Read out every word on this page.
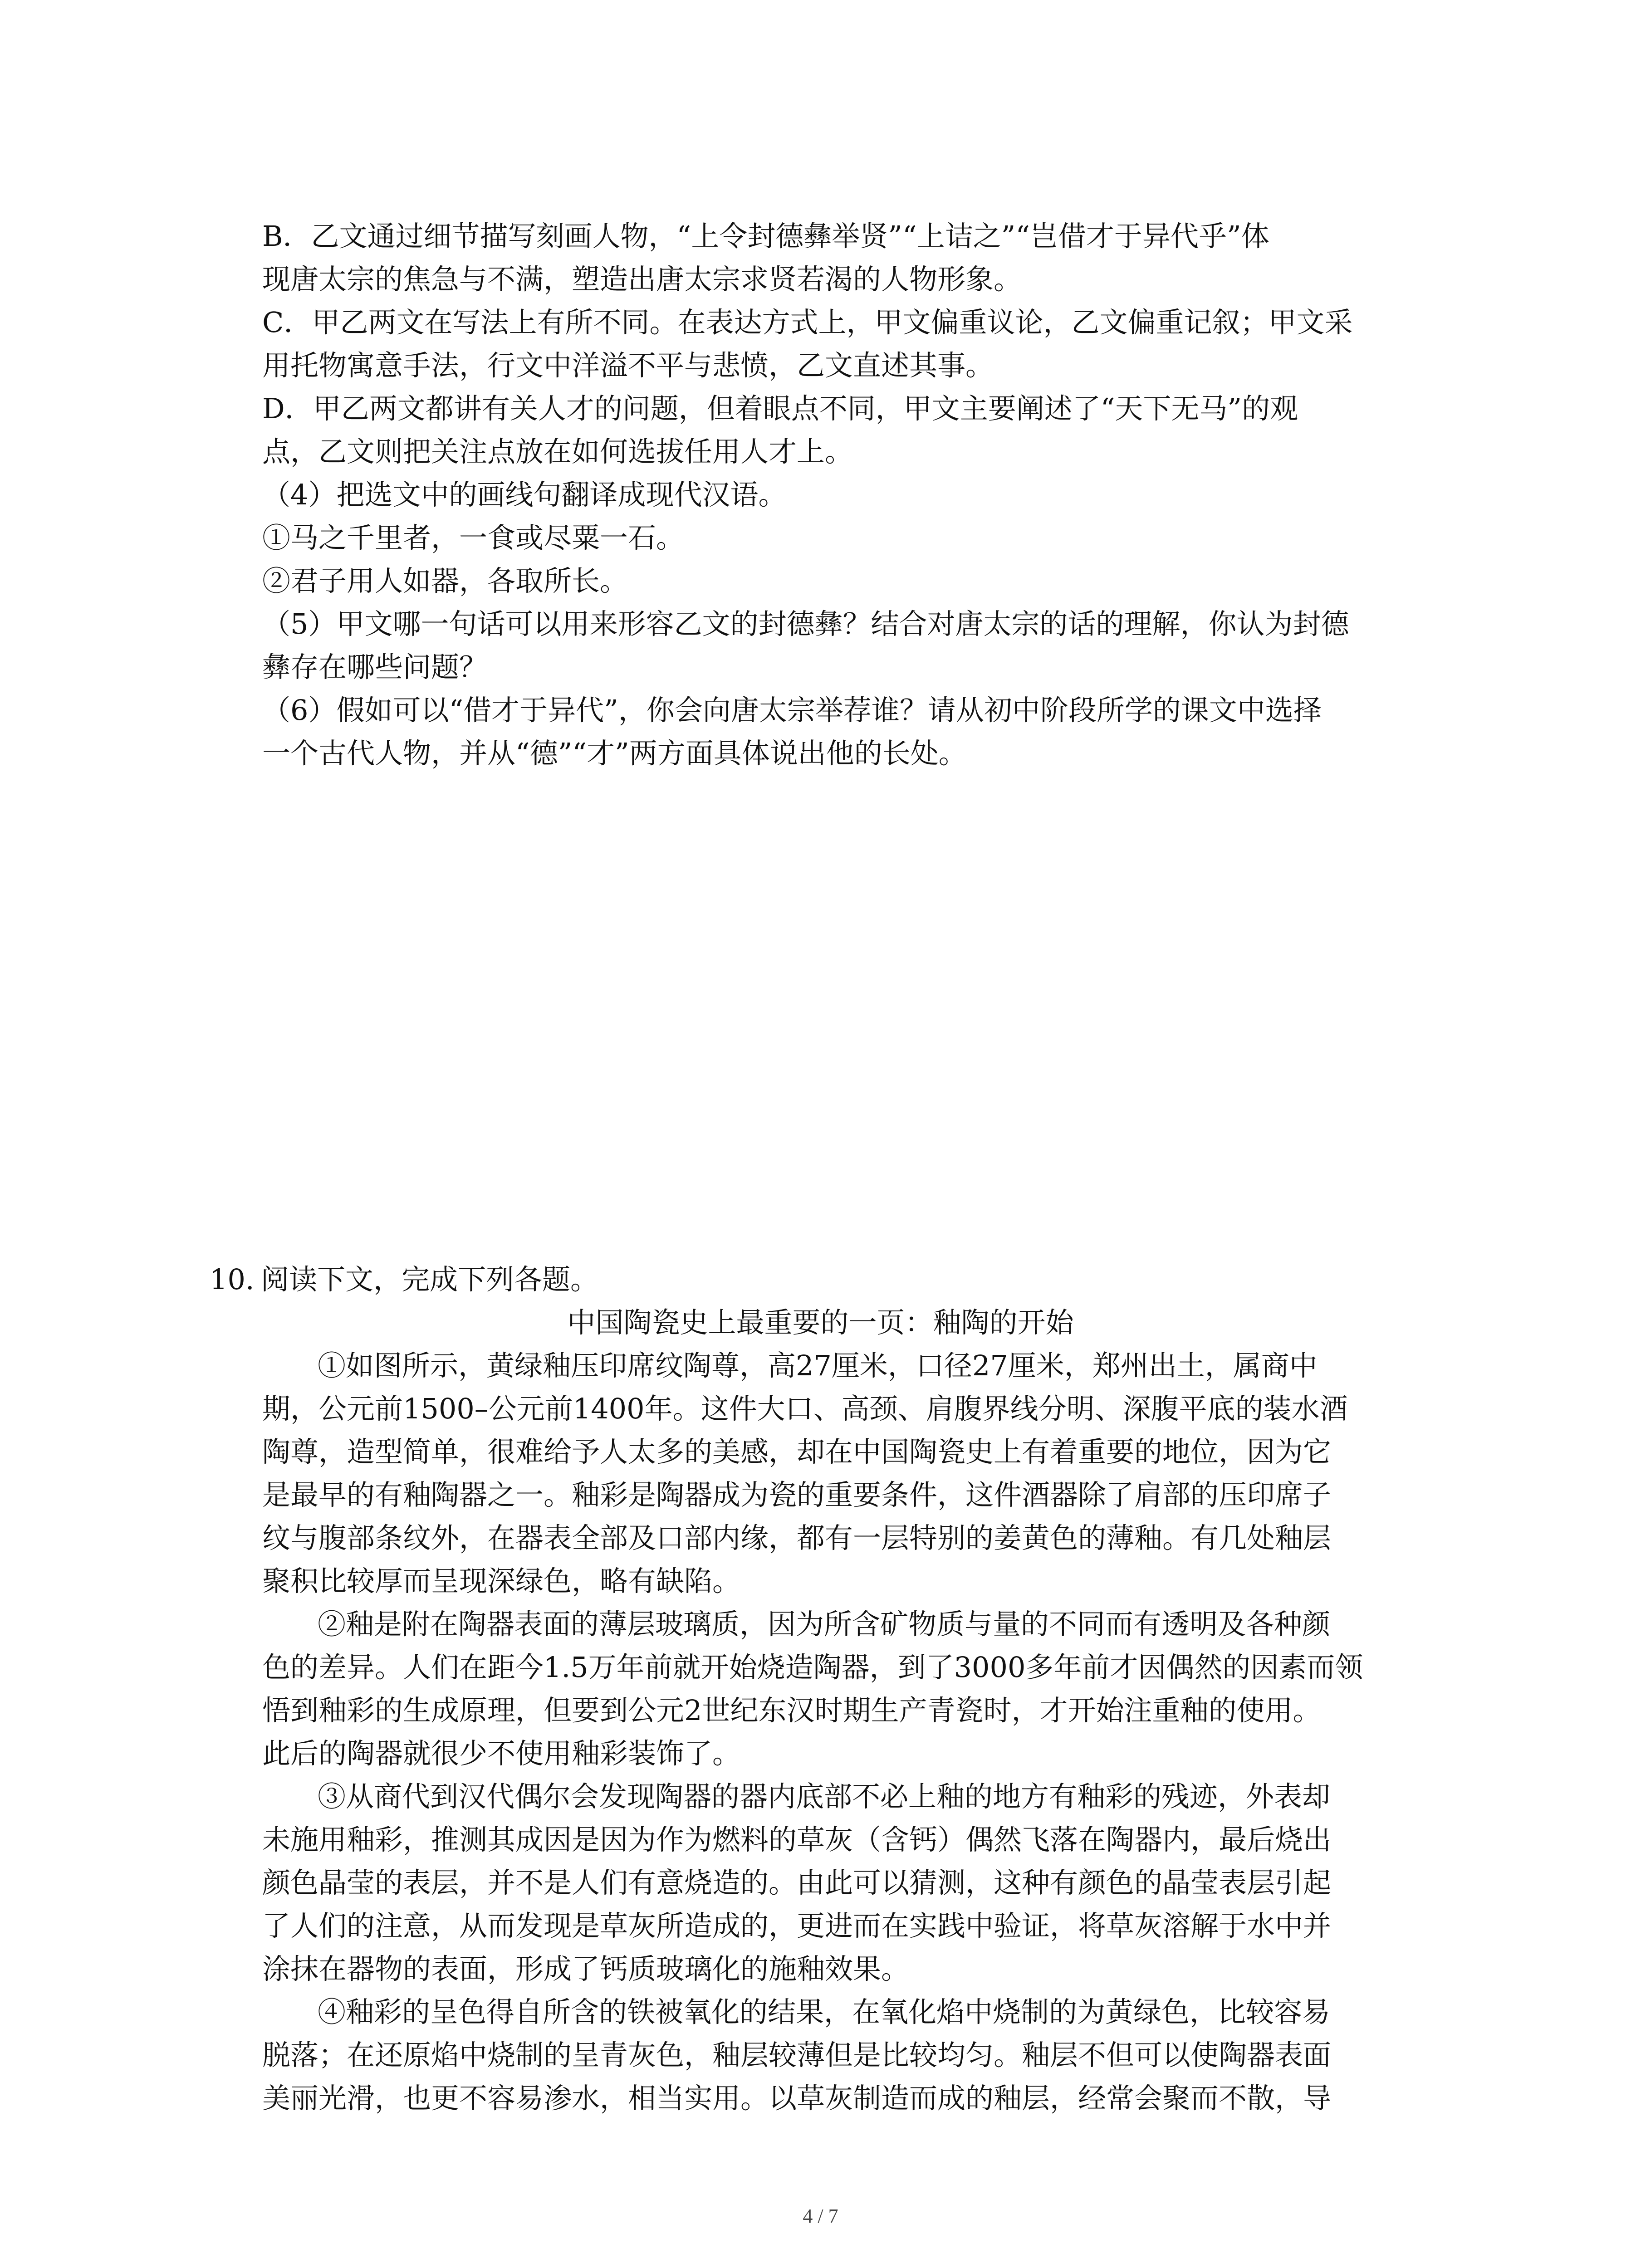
B．乙文通过细节描写刻画人物，“上令封德彝举贤”“上诘之”“岂借才于异代乎”体
现唐太宗的焦急与不满，塑造出唐太宗求贤若渴的人物形象。
C．甲乙两文在写法上有所不同。在表达方式上，甲文偏重议论，乙文偏重记叙；甲文采
用托物寓意手法，行文中洋溢不平与悲愤，乙文直述其事。
D．甲乙两文都讲有关人才的问题，但着眼点不同，甲文主要阐述了“天下无马”的观
点，乙文则把关注点放在如何选拔任用人才上。
（4）把选文中的画线句翻译成现代汉语。
①马之千里者，一食或尽粟一石。
②君子用人如器，各取所长。
（5）甲文哪一句话可以用来形容乙文的封德彝？结合对唐太宗的话的理解，你认为封德
彝存在哪些问题？
（6）假如可以“借才于异代”，你会向唐太宗举荐谁？请从初中阶段所学的课文中选择
一个古代人物，并从“德”“才”两方面具体说出他的长处。
10. 阅读下文，完成下列各题。
中国陶瓷史上最重要的一页：釉陶的开始
①如图所示，黄绿釉压印席纹陶尊，高27厘米，口径27厘米，郑州出土，属商中
期，公元前1500–公元前1400年。这件大口、高颈、肩腹界线分明、深腹平底的装水酒
陶尊，造型简单，很难给予人太多的美感，却在中国陶瓷史上有着重要的地位，因为它
是最早的有釉陶器之一。釉彩是陶器成为瓷的重要条件，这件酒器除了肩部的压印席子
纹与腹部条纹外，在器表全部及口部内缘，都有一层特别的姜黄色的薄釉。有几处釉层
聚积比较厚而呈现深绿色，略有缺陷。
②釉是附在陶器表面的薄层玻璃质，因为所含矿物质与量的不同而有透明及各种颜
色的差异。人们在距今1.5万年前就开始烧造陶器，到了3000多年前才因偶然的因素而领
悟到釉彩的生成原理，但要到公元2世纪东汉时期生产青瓷时，才开始注重釉的使用。
此后的陶器就很少不使用釉彩装饰了。
③从商代到汉代偶尔会发现陶器的器内底部不必上釉的地方有釉彩的残迹，外表却
未施用釉彩，推测其成因是因为作为燃料的草灰（含钙）偶然飞落在陶器内，最后烧出
颜色晶莹的表层，并不是人们有意烧造的。由此可以猜测，这种有颜色的晶莹表层引起
了人们的注意，从而发现是草灰所造成的，更进而在实践中验证，将草灰溶解于水中并
涂抹在器物的表面，形成了钙质玻璃化的施釉效果。
④釉彩的呈色得自所含的铁被氧化的结果，在氧化焰中烧制的为黄绿色，比较容易
脱落；在还原焰中烧制的呈青灰色，釉层较薄但是比较均匀。釉层不但可以使陶器表面
美丽光滑，也更不容易渗水，相当实用。以草灰制造而成的釉层，经常会聚而不散，导
4 / 7
